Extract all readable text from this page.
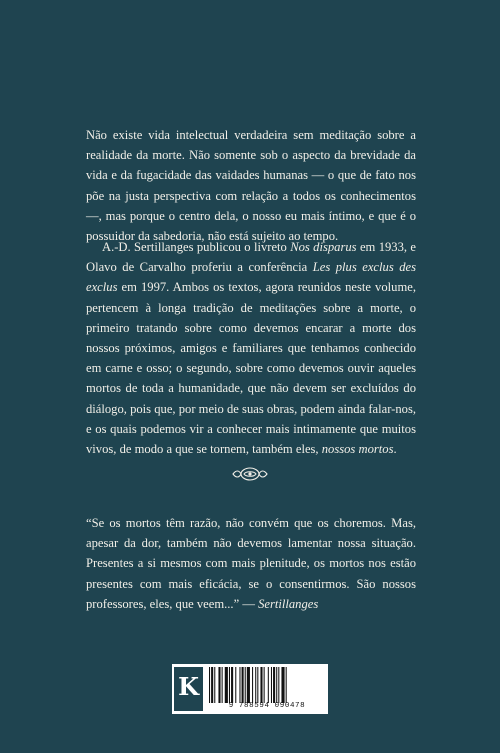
Não existe vida intelectual verdadeira sem meditação sobre a realidade da morte. Não somente sob o aspecto da brevidade da vida e da fugacidade das vaidades humanas — o que de fato nos põe na justa perspectiva com relação a todos os conhecimentos —, mas porque o centro dela, o nosso eu mais íntimo, e que é o possuidor da sabedoria, não está sujeito ao tempo.

A.-D. Sertillanges publicou o livreto Nos disparus em 1933, e Olavo de Carvalho proferiu a conferência Les plus exclus des exclus em 1997. Ambos os textos, agora reunidos neste volume, pertencem à longa tradição de meditações sobre a morte, o primeiro tratando sobre como devemos encarar a morte dos nossos próximos, amigos e familiares que tenhamos conhecido em carne e osso; o segundo, sobre como devemos ouvir aqueles mortos de toda a humanidade, que não devem ser excluídos do diálogo, pois que, por meio de suas obras, podem ainda falar-nos, e os quais podemos vir a conhecer mais intimamente que muitos vivos, de modo a que se tornem, também eles, nossos mortos.

“Se os mortos têm razão, não convém que os choremos. Mas, apesar da dor, também não devemos lamentar nossa situação. Presentes a si mesmos com mais plenitude, os mortos nos estão presentes com mais eficácia, se o consentirmos. São nossos professores, eles, que veem...” — Sertillanges

K
9 788594 090478
